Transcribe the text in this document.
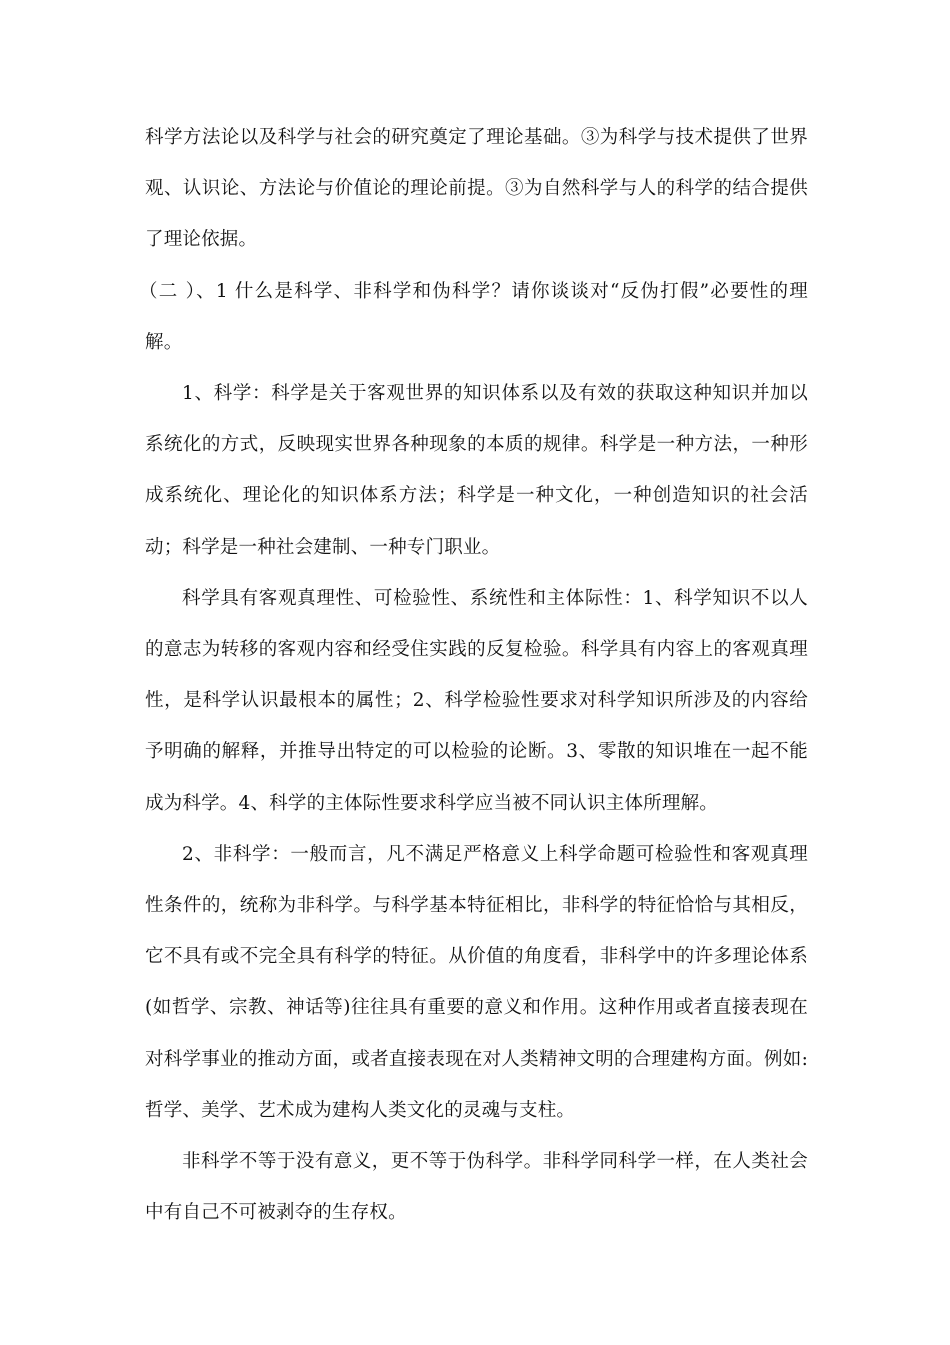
科学方法论以及科学与社会的研究奠定了理论基础。③为科学与技术提供了世界观、认识论、方法论与价值论的理论前提。③为自然科学与人的科学的结合提供了理论依据。

（二 ）、1 什么是科学、非科学和伪科学？请你谈谈对“反伪打假”必要性的理解。

1、科学：科学是关于客观世界的知识体系以及有效的获取这种知识并加以系统化的方式，反映现实世界各种现象的本质的规律。科学是一种方法，一种形成系统化、理论化的知识体系方法；科学是一种文化，一种创造知识的社会活动；科学是一种社会建制、一种专门职业。

科学具有客观真理性、可检验性、系统性和主体际性：1、科学知识不以人的意志为转移的客观内容和经受住实践的反复检验。科学具有内容上的客观真理性，是科学认识最根本的属性；2、科学检验性要求对科学知识所涉及的内容给予明确的解释，并推导出特定的可以检验的论断。3、零散的知识堆在一起不能成为科学。4、科学的主体际性要求科学应当被不同认识主体所理解。

2、非科学：一般而言，凡不满足严格意义上科学命题可检验性和客观真理性条件的，统称为非科学。与科学基本特征相比，非科学的特征恰恰与其相反，它不具有或不完全具有科学的特征。从价值的角度看，非科学中的许多理论体系(如哲学、宗教、神话等)往往具有重要的意义和作用。这种作用或者直接表现在对科学事业的推动方面，或者直接表现在对人类精神文明的合理建构方面。例如:哲学、美学、艺术成为建构人类文化的灵魂与支柱。

非科学不等于没有意义，更不等于伪科学。非科学同科学一样，在人类社会中有自己不可被剥夺的生存权。
